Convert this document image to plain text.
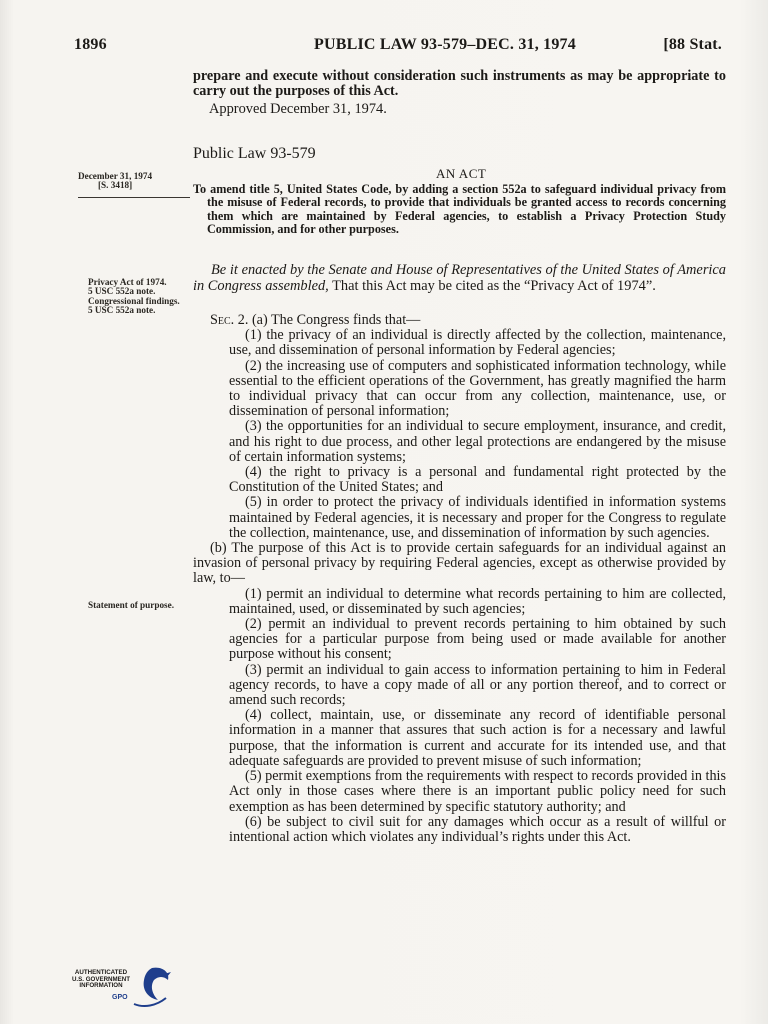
1896	PUBLIC LAW 93-579–DEC. 31, 1974	[88 Stat.
prepare and execute without consideration such instruments as may be appropriate to carry out the purposes of this Act.
Approved December 31, 1974.
Public Law 93-579
AN ACT
December 31, 1974
[S. 3418]	To amend title 5, United States Code, by adding a section 552a to safeguard individual privacy from the misuse of Federal records, to provide that individuals be granted access to records concerning them which are maintained by Federal agencies, to establish a Privacy Protection Study Commission, and for other purposes.
Privacy Act of 1974.
5 USC 552a note.
Congressional findings.
5 USC 552a note.
Be it enacted by the Senate and House of Representatives of the United States of America in Congress assembled, That this Act may be cited as the “Privacy Act of 1974”.
Statement of purpose.

Sec. 2. (a) The Congress finds that—

(1) the privacy of an individual is directly affected by the collection, maintenance, use, and dissemination of personal information by Federal agencies;

(2) the increasing use of computers and sophisticated information technology, while essential to the efficient operations of the Government, has greatly magnified the harm to individual privacy that can occur from any collection, maintenance, use, or dissemination of personal information;

(3) the opportunities for an individual to secure employment, insurance, and credit, and his right to due process, and other legal protections are endangered by the misuse of certain information systems;

(4) the right to privacy is a personal and fundamental right protected by the Constitution of the United States; and

(5) in order to protect the privacy of individuals identified in information systems maintained by Federal agencies, it is necessary and proper for the Congress to regulate the collection, maintenance, use, and dissemination of information by such agencies.

(b) The purpose of this Act is to provide certain safeguards for an individual against an invasion of personal privacy by requiring Federal agencies, except as otherwise provided by law, to—

(1) permit an individual to determine what records pertaining to him are collected, maintained, used, or disseminated by such agencies;

(2) permit an individual to prevent records pertaining to him obtained by such agencies for a particular purpose from being used or made available for another purpose without his consent;

(3) permit an individual to gain access to information pertaining to him in Federal agency records, to have a copy made of all or any portion thereof, and to correct or amend such records;

(4) collect, maintain, use, or disseminate any record of identifiable personal information in a manner that assures that such action is for a necessary and lawful purpose, that the information is current and accurate for its intended use, and that adequate safeguards are provided to prevent misuse of such information;

(5) permit exemptions from the requirements with respect to records provided in this Act only in those cases where there is an important public policy need for such exemption as has been determined by specific statutory authority; and

(6) be subject to civil suit for any damages which occur as a result of willful or intentional action which violates any individual’s rights under this Act.

AUTHENTICATED
U.S. GOVERNMENT
INFORMATION
GPO
